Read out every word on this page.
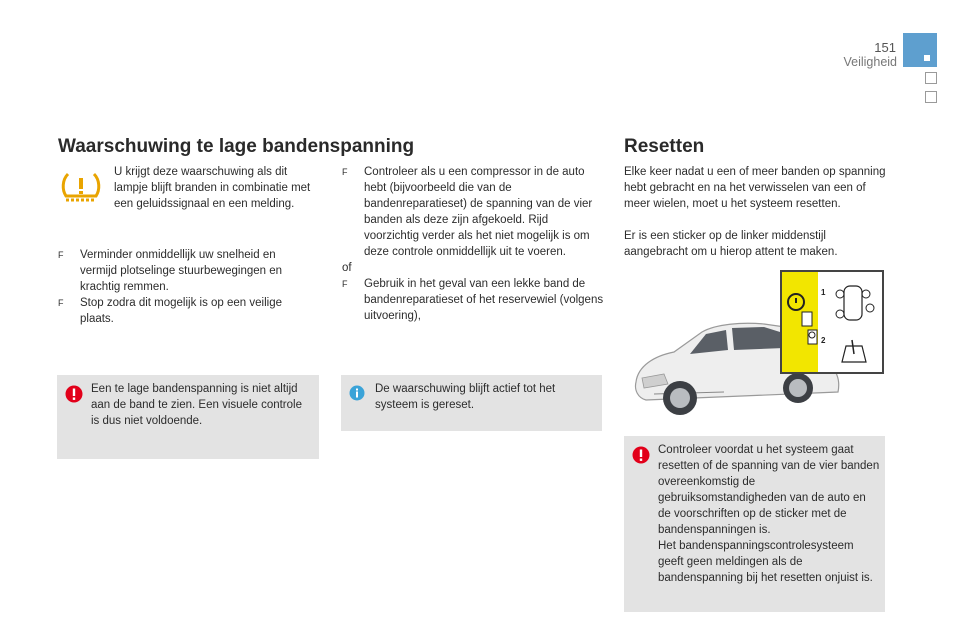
151
Veiligheid
Waarschuwing te lage bandenspanning
U krijgt deze waarschuwing als dit lampje blijft branden in combinatie met een geluidssignaal en een melding.
F Verminder onmiddellijk uw snelheid en vermijd plotselinge stuurbewegingen en krachtig remmen.
F Stop zodra dit mogelijk is op een veilige plaats.
Een te lage bandenspanning is niet altijd aan de band te zien. Een visuele controle is dus niet voldoende.
F Controleer als u een compressor in de auto hebt (bijvoorbeeld die van de bandenreparatieset) de spanning van de vier banden als deze zijn afgekoeld. Rijd voorzichtig verder als het niet mogelijk is om deze controle onmiddellijk uit te voeren.
of
F Gebruik in het geval van een lekke band de bandenreparatieset of het reservewiel (volgens uitvoering),
De waarschuwing blijft actief tot het systeem is gereset.
Resetten
Elke keer nadat u een of meer banden op spanning hebt gebracht en na het verwisselen van een of meer wielen, moet u het systeem resetten.
Er is een sticker op de linker middenstijl aangebracht om u hierop attent te maken.
1
2
Controleer voordat u het systeem gaat resetten of de spanning van de vier banden overeenkomstig de gebruiksomstandigheden van de auto en de voorschriften op de sticker met de bandenspanningen is.
Het bandenspanningscontrolesysteem geeft geen meldingen als de bandenspanning bij het resetten onjuist is.
